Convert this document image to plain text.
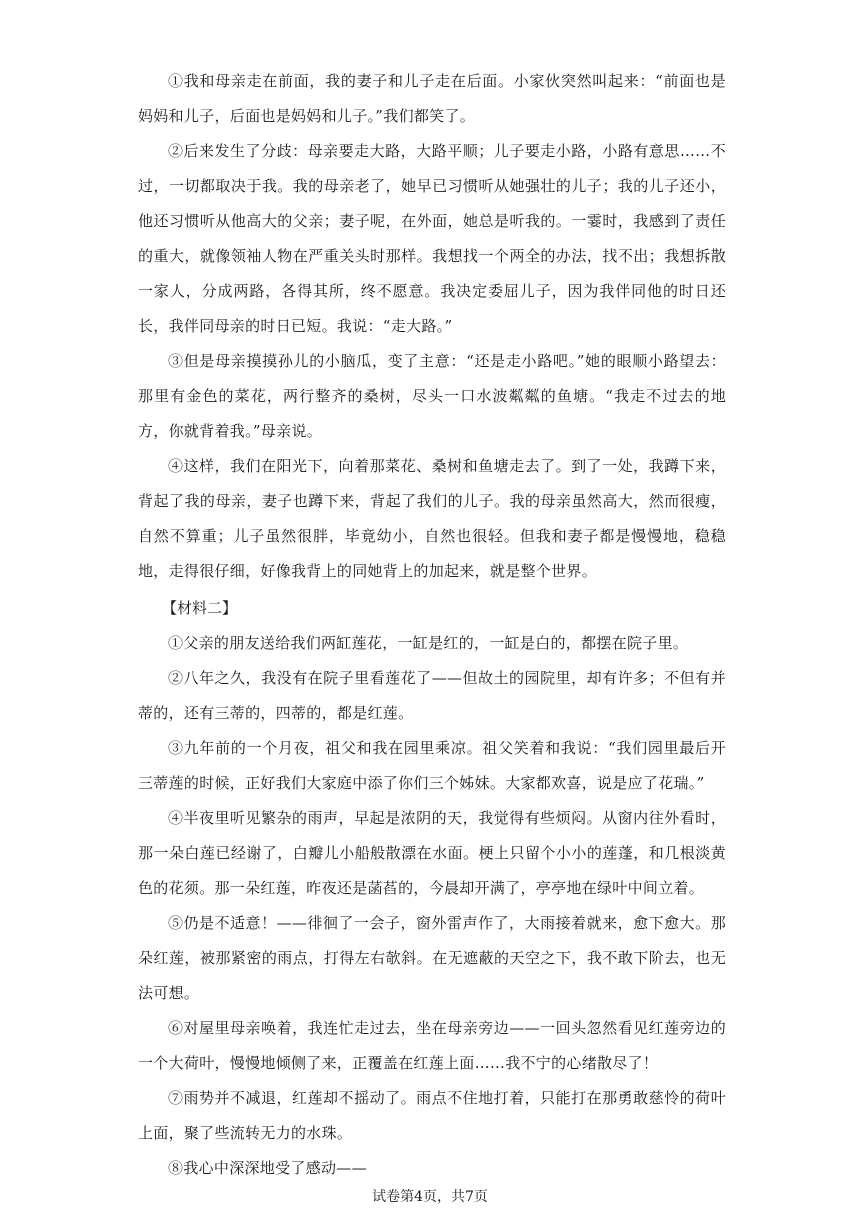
①我和母亲走在前面，我的妻子和儿子走在后面。小家伙突然叫起来：“前面也是妈妈和儿子，后面也是妈妈和儿子。”我们都笑了。

②后来发生了分歧：母亲要走大路，大路平顺；儿子要走小路，小路有意思……不过，一切都取决于我。我的母亲老了，她早已习惯听从她强壮的儿子；我的儿子还小，他还习惯听从他高大的父亲；妻子呢，在外面，她总是听我的。一霎时，我感到了责任的重大，就像领袖人物在严重关头时那样。我想找一个两全的办法，找不出；我想拆散一家人，分成两路，各得其所，终不愿意。我决定委屈儿子，因为我伴同他的时日还长，我伴同母亲的时日已短。我说：“走大路。”

③但是母亲摸摸孙儿的小脑瓜，变了主意：“还是走小路吧。”她的眼顺小路望去：那里有金色的菜花，两行整齐的桑树，尽头一口水波粼粼的鱼塘。“我走不过去的地方，你就背着我。”母亲说。

④这样，我们在阳光下，向着那菜花、桑树和鱼塘走去了。到了一处，我蹲下来，背起了我的母亲，妻子也蹲下来，背起了我们的儿子。我的母亲虽然高大，然而很瘦，自然不算重；儿子虽然很胖，毕竟幼小，自然也很轻。但我和妻子都是慢慢地，稳稳地，走得很仔细，好像我背上的同她背上的加起来，就是整个世界。

【材料二】

①父亲的朋友送给我们两缸莲花，一缸是红的，一缸是白的，都摆在院子里。

②八年之久，我没有在院子里看莲花了——但故土的园院里，却有许多；不但有并蒂的，还有三蒂的，四蒂的，都是红莲。

③九年前的一个月夜，祖父和我在园里乘凉。祖父笑着和我说：“我们园里最后开三蒂莲的时候，正好我们大家庭中添了你们三个姊妹。大家都欢喜，说是应了花瑞。”

④半夜里听见繁杂的雨声，早起是浓阴的天，我觉得有些烦闷。从窗内往外看时，那一朵白莲已经谢了，白瓣儿小船般散漂在水面。梗上只留个小小的莲蓬，和几根淡黄色的花须。那一朵红莲，昨夜还是菡萏的，今晨却开满了，亭亭地在绿叶中间立着。

⑤仍是不适意！——徘徊了一会子，窗外雷声作了，大雨接着就来，愈下愈大。那朵红莲，被那紧密的雨点，打得左右欹斜。在无遮蔽的天空之下，我不敢下阶去，也无法可想。

⑥对屋里母亲唤着，我连忙走过去，坐在母亲旁边——一回头忽然看见红莲旁边的一个大荷叶，慢慢地倾侧了来，正覆盖在红莲上面……我不宁的心绪散尽了！

⑦雨势并不减退，红莲却不摇动了。雨点不住地打着，只能打在那勇敢慈怜的荷叶上面，聚了些流转无力的水珠。

⑧我心中深深地受了感动——

试卷第4页，共7页
